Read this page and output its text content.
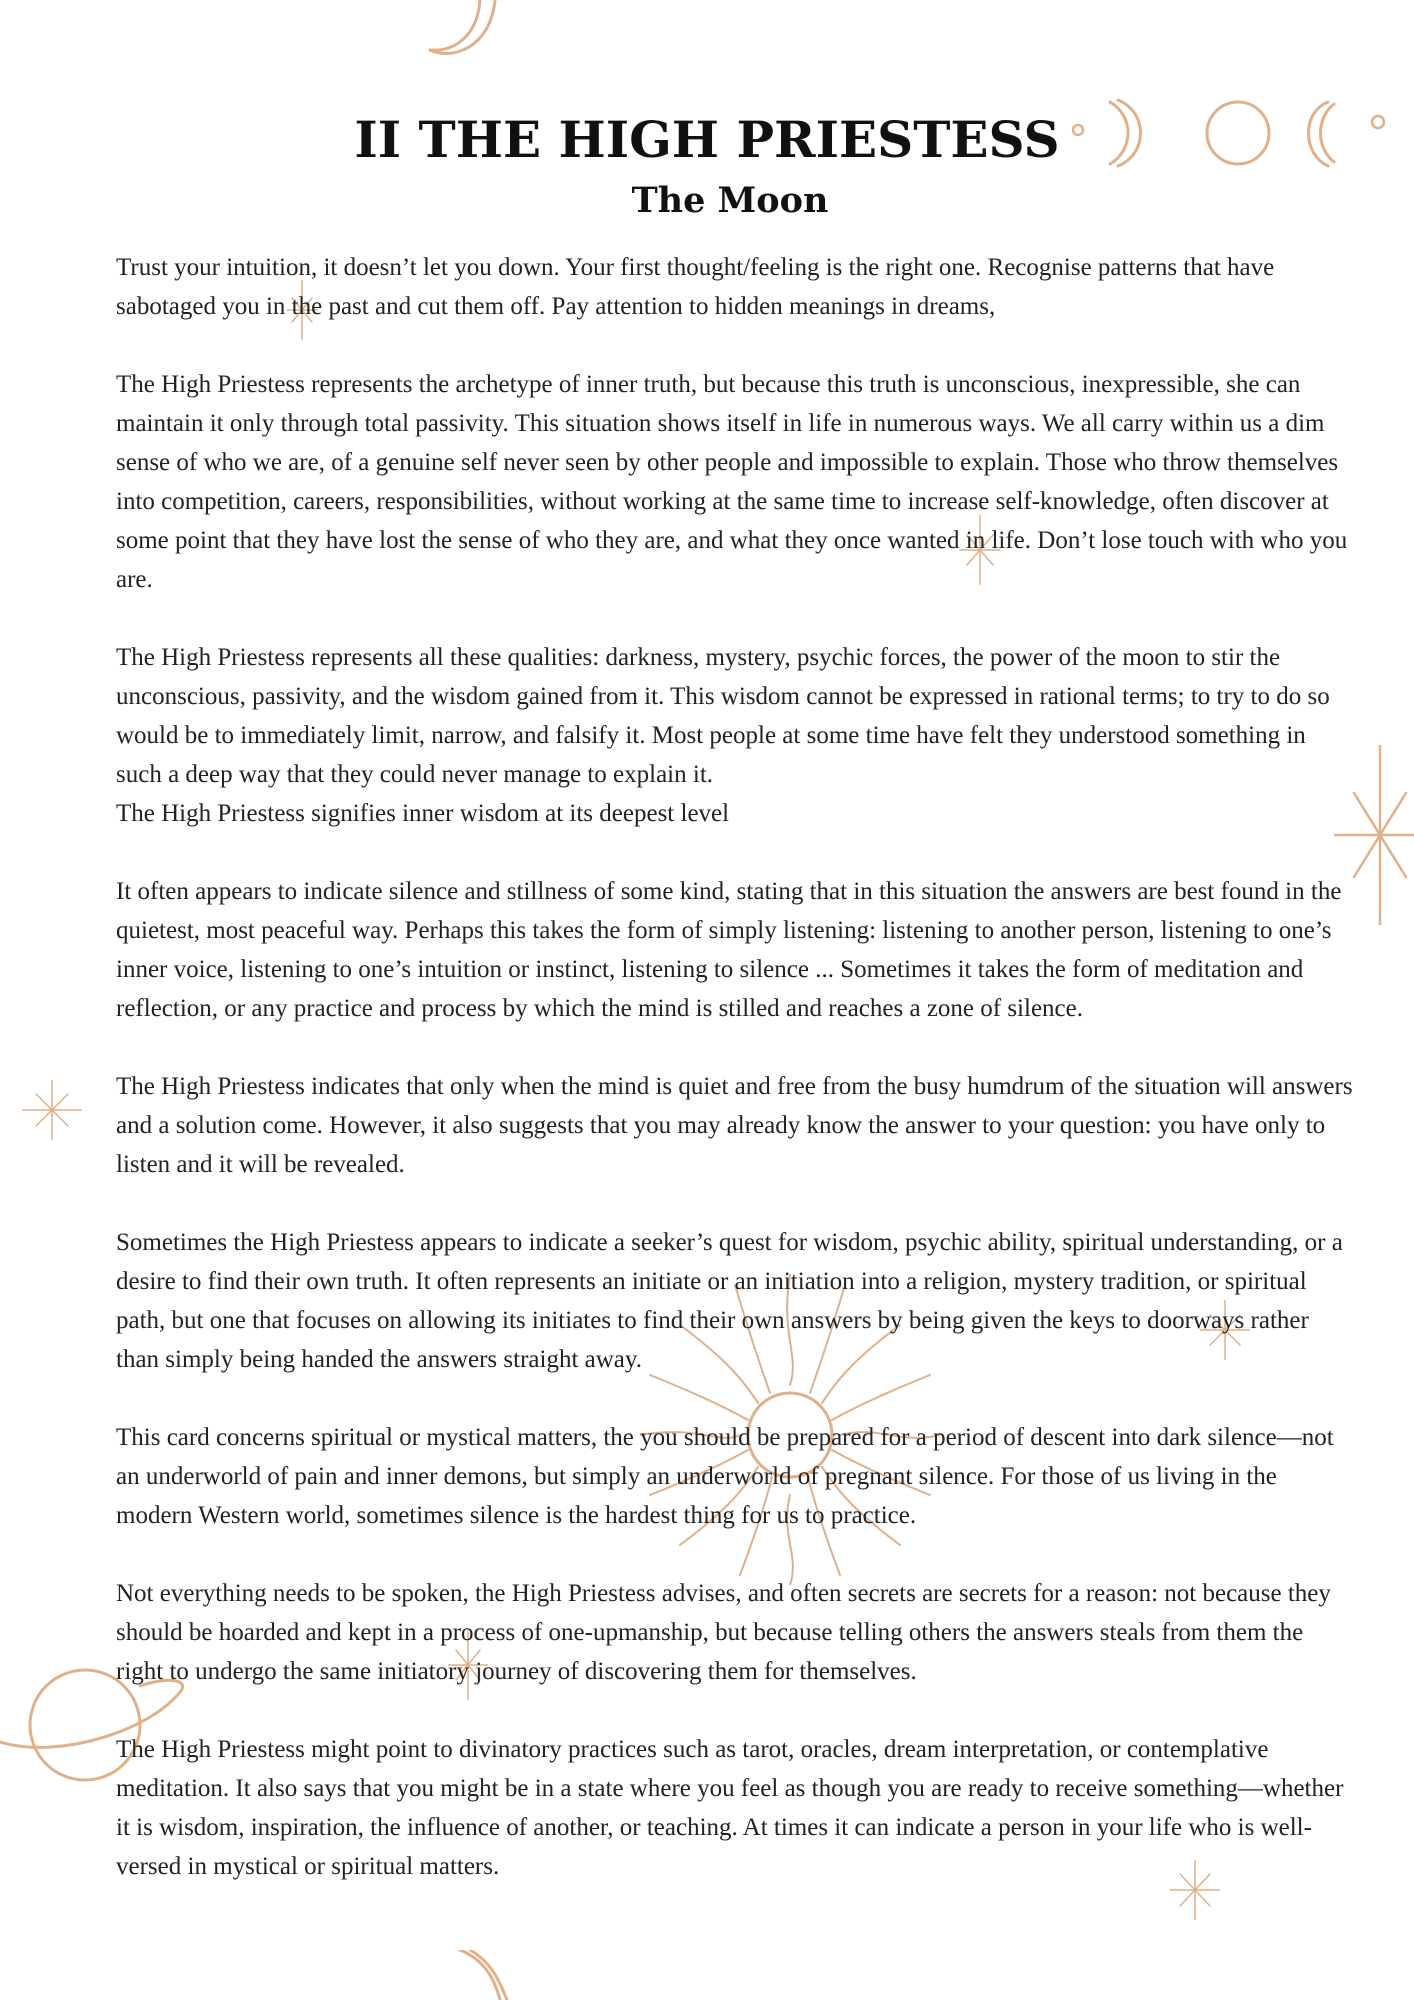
II THE HIGH PRIESTESS
The Moon

Trust your intuition, it doesn’t let you down. Your first thought/feeling is the right one. Recognise patterns that have sabotaged you in the past and cut them off. Pay attention to hidden meanings in dreams,

The High Priestess represents the archetype of inner truth, but because this truth is unconscious, inexpressible, she can maintain it only through total passivity. This situation shows itself in life in numerous ways. We all carry within us a dim sense of who we are, of a genuine self never seen by other people and impossible to explain. Those who throw themselves into competition, careers, responsibilities, without working at the same time to increase self-knowledge, often discover at some point that they have lost the sense of who they are, and what they once wanted in life. Don’t lose touch with who you are.

The High Priestess represents all these qualities: darkness, mystery, psychic forces, the power of the moon to stir the unconscious, passivity, and the wisdom gained from it. This wisdom cannot be expressed in rational terms; to try to do so would be to immediately limit, narrow, and falsify it. Most people at some time have felt they understood something in such a deep way that they could never manage to explain it.
The High Priestess signifies inner wisdom at its deepest level

It often appears to indicate silence and stillness of some kind, stating that in this situation the answers are best found in the quietest, most peaceful way. Perhaps this takes the form of simply listening: listening to another person, listening to one’s inner voice, listening to one’s intuition or instinct, listening to silence ... Sometimes it takes the form of meditation and reflection, or any practice and process by which the mind is stilled and reaches a zone of silence.

The High Priestess indicates that only when the mind is quiet and free from the busy humdrum of the situation will answers and a solution come. However, it also suggests that you may already know the answer to your question: you have only to listen and it will be revealed.

Sometimes the High Priestess appears to indicate a seeker’s quest for wisdom, psychic ability, spiritual understanding, or a desire to find their own truth. It often represents an initiate or an initiation into a religion, mystery tradition, or spiritual path, but one that focuses on allowing its initiates to find their own answers by being given the keys to doorways rather than simply being handed the answers straight away.

This card concerns spiritual or mystical matters, the you should be prepared for a period of descent into dark silence—not an underworld of pain and inner demons, but simply an underworld of pregnant silence. For those of us living in the modern Western world, sometimes silence is the hardest thing for us to practice.

Not everything needs to be spoken, the High Priestess advises, and often secrets are secrets for a reason: not because they should be hoarded and kept in a process of one-upmanship, but because telling others the answers steals from them the right to undergo the same initiatory journey of discovering them for themselves.

The High Priestess might point to divinatory practices such as tarot, oracles, dream interpretation, or contemplative meditation. It also says that you might be in a state where you feel as though you are ready to receive something—whether it is wisdom, inspiration, the influence of another, or teaching. At times it can indicate a person in your life who is well-versed in mystical or spiritual matters.
